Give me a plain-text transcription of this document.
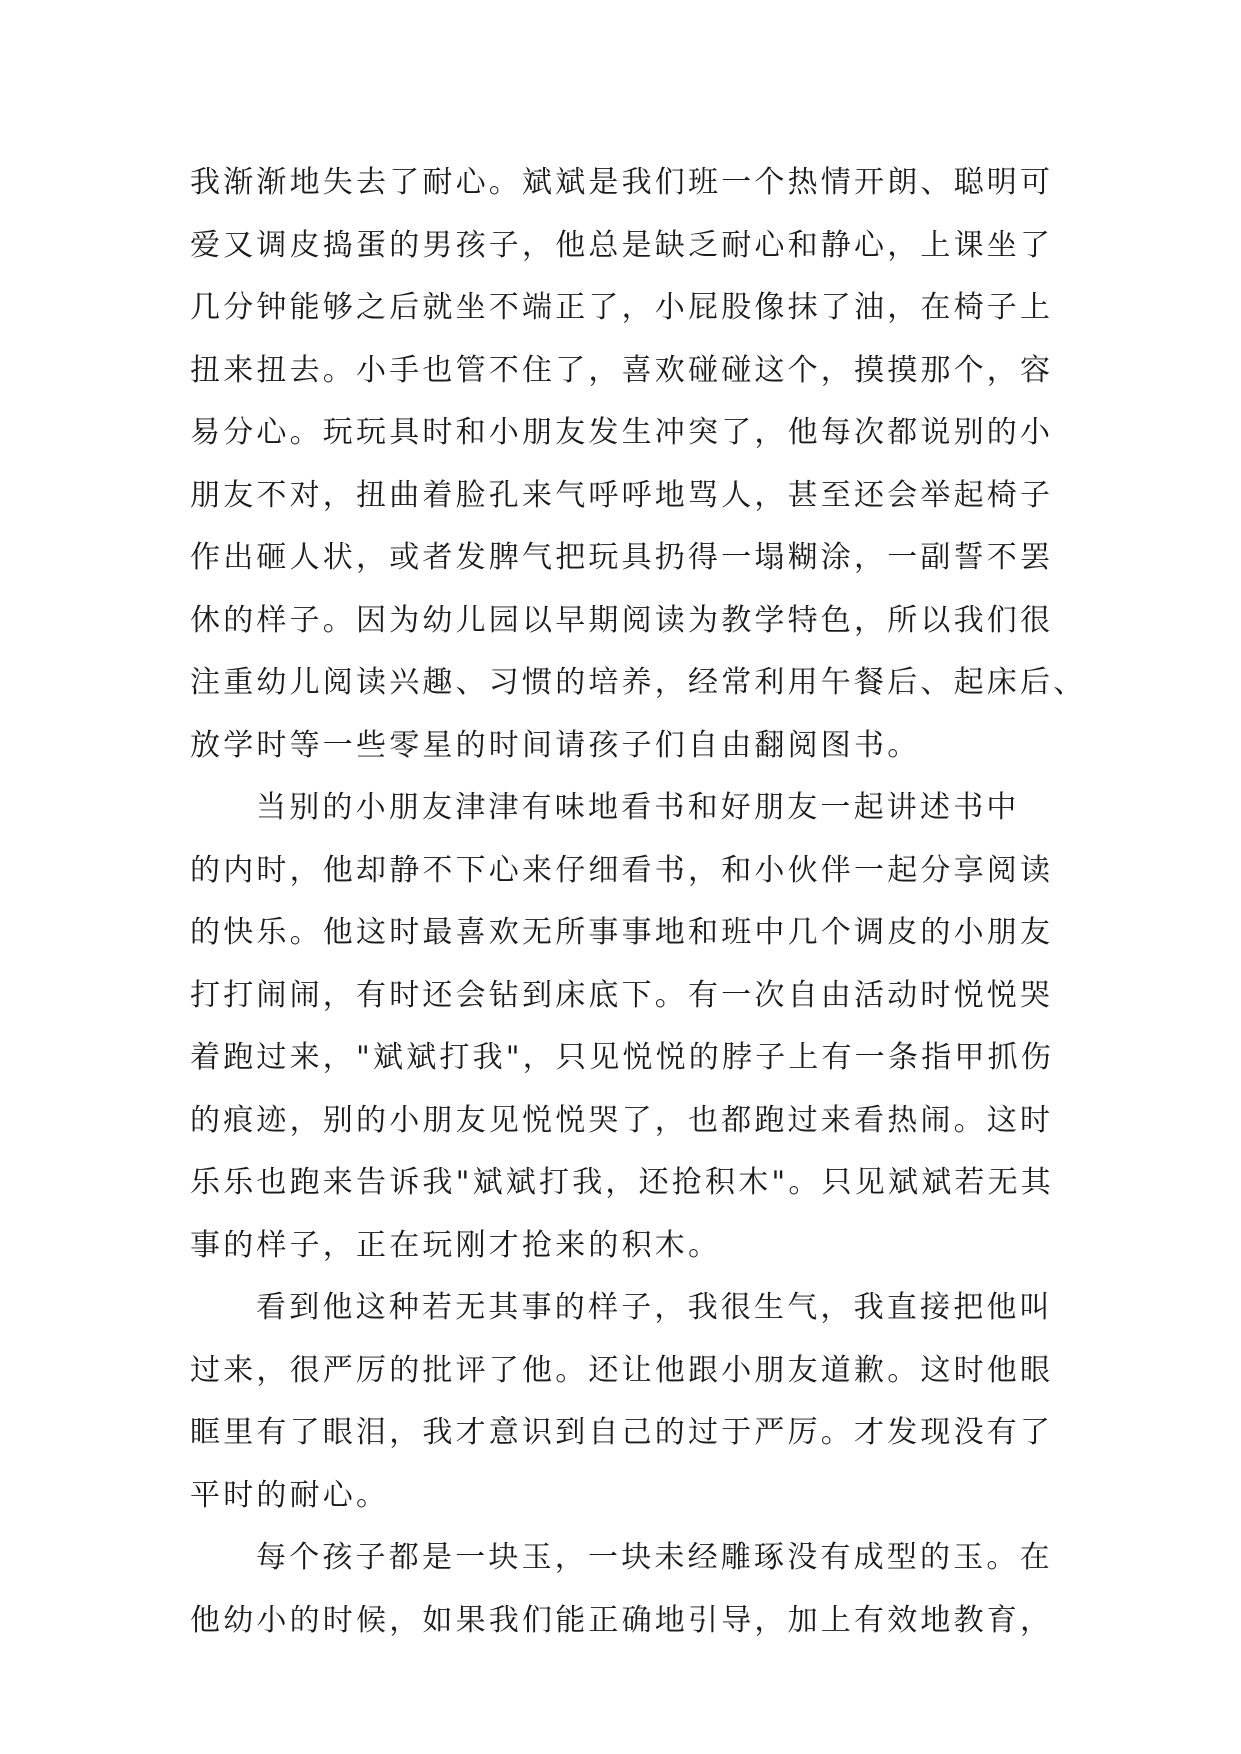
我渐渐地失去了耐心。斌斌是我们班一个热情开朗、聪明可
爱又调皮捣蛋的男孩子，他总是缺乏耐心和静心，上课坐了
几分钟能够之后就坐不端正了，小屁股像抹了油，在椅子上
扭来扭去。小手也管不住了，喜欢碰碰这个，摸摸那个，容
易分心。玩玩具时和小朋友发生冲突了，他每次都说别的小
朋友不对，扭曲着脸孔来气呼呼地骂人，甚至还会举起椅子
作出砸人状，或者发脾气把玩具扔得一塌糊涂，一副誓不罢
休的样子。因为幼儿园以早期阅读为教学特色，所以我们很
注重幼儿阅读兴趣、习惯的培养，经常利用午餐后、起床后、
放学时等一些零星的时间请孩子们自由翻阅图书。
当别的小朋友津津有味地看书和好朋友一起讲述书中
的内时，他却静不下心来仔细看书，和小伙伴一起分享阅读
的快乐。他这时最喜欢无所事事地和班中几个调皮的小朋友
打打闹闹，有时还会钻到床底下。有一次自由活动时悦悦哭
着跑过来，"斌斌打我"，只见悦悦的脖子上有一条指甲抓伤
的痕迹，别的小朋友见悦悦哭了，也都跑过来看热闹。这时
乐乐也跑来告诉我"斌斌打我，还抢积木"。只见斌斌若无其
事的样子，正在玩刚才抢来的积木。
看到他这种若无其事的样子，我很生气，我直接把他叫
过来，很严厉的批评了他。还让他跟小朋友道歉。这时他眼
眶里有了眼泪，我才意识到自己的过于严厉。才发现没有了
平时的耐心。
每个孩子都是一块玉，一块未经雕琢没有成型的玉。在
他幼小的时候，如果我们能正确地引导，加上有效地教育，
